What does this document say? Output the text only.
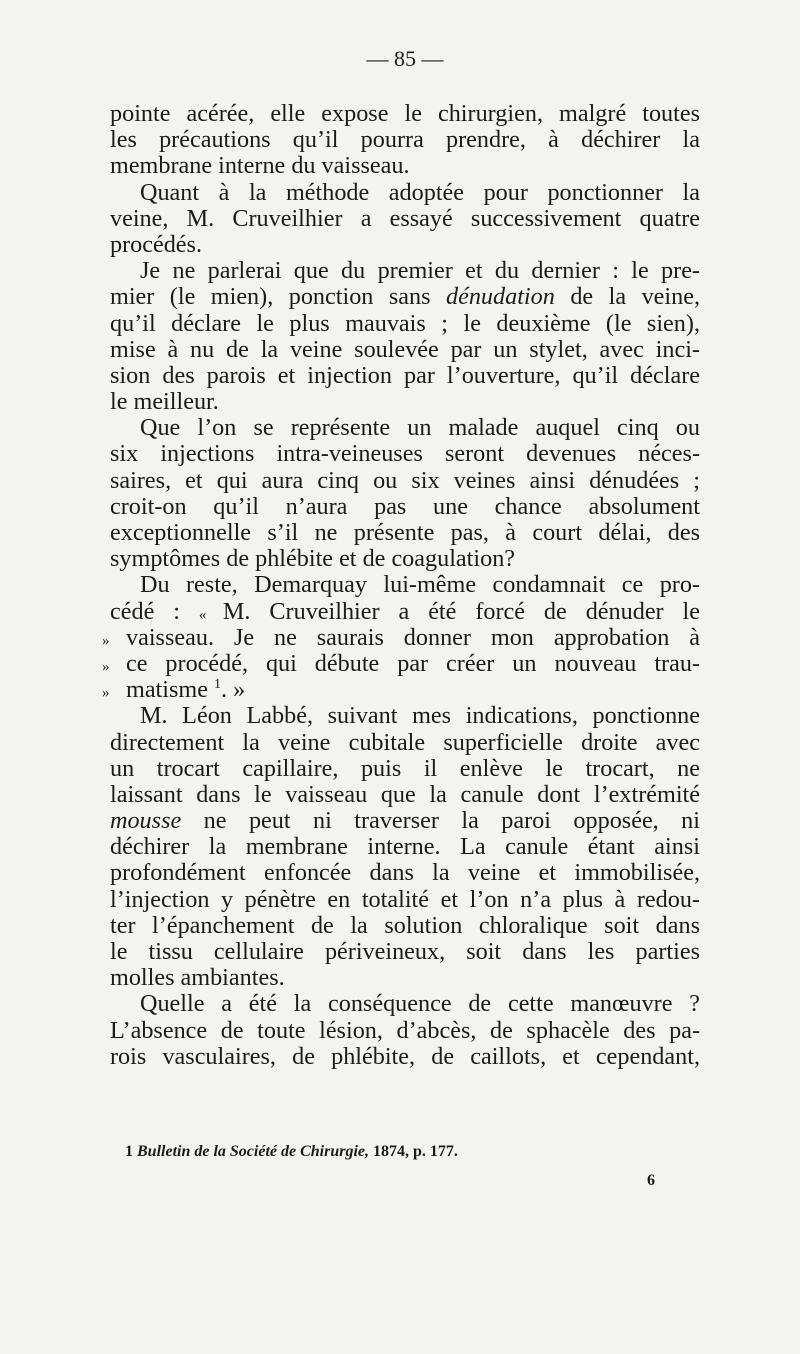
— 85 —
pointe acérée, elle expose le chirurgien, malgré toutes
les précautions qu’il pourra prendre, à déchirer la
membrane interne du vaisseau.
Quant à la méthode adoptée pour ponctionner la
veine, M. Cruveilhier a essayé successivement quatre
procédés.
Je ne parlerai que du premier et du dernier : le pre-
mier (le mien), ponction sans dénudation de la veine,
qu’il déclare le plus mauvais ; le deuxième (le sien),
mise à nu de la veine soulevée par un stylet, avec inci-
sion des parois et injection par l’ouverture, qu’il déclare
le meilleur.
Que l’on se représente un malade auquel cinq ou
six injections intra-veineuses seront devenues néces-
saires, et qui aura cinq ou six veines ainsi dénudées ;
croit-on qu’il n’aura pas une chance absolument
exceptionnelle s’il ne présente pas, à court délai, des
symptômes de phlébite et de coagulation?
Du reste, Demarquay lui-même condamnait ce pro-
cédé : « M. Cruveilhier a été forcé de dénuder le
» vaisseau. Je ne saurais donner mon approbation à
» ce procédé, qui débute par créer un nouveau trau-
» matisme $^1$. »
M. Léon Labbé, suivant mes indications, ponctionne
directement la veine cubitale superficielle droite avec
un trocart capillaire, puis il enlève le trocart, ne
laissant dans le vaisseau que la canule dont l’extrémité
mousse ne peut ni traverser la paroi opposée, ni
déchirer la membrane interne. La canule étant ainsi
profondément enfoncée dans la veine et immobilisée,
l’injection y pénètre en totalité et l’on n’a plus à redou-
ter l’épanchement de la solution chloralique soit dans
le tissu cellulaire périveineux, soit dans les parties
molles ambiantes.
Quelle a été la conséquence de cette manœuvre ?
L’absence de toute lésion, d’abcès, de sphacèle des pa-
rois vasculaires, de phlébite, de caillots, et cependant,
1 Bulletin de la Société de Chirurgie, 1874, p. 177.
6
